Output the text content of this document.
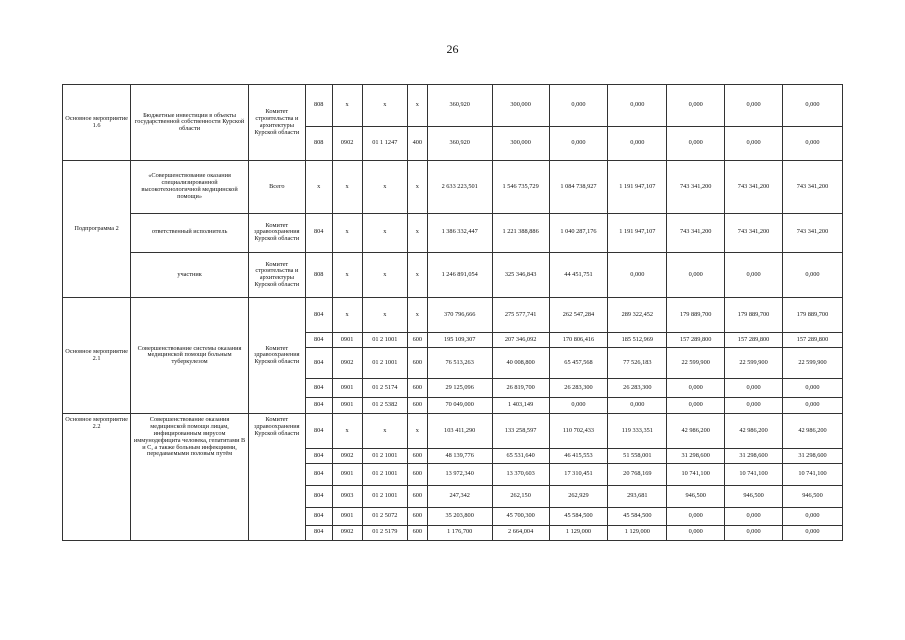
26
Основное мероприятие 1.6	Бюджетные инвестиции в объекты государственной собственности Курской области	Комитет строительства и архитектуры Курской области	808	x	x	x	360,920	300,000	0,000	0,000	0,000	0,000	0,000
			808	0902	01 1 1247	400	360,920	300,000	0,000	0,000	0,000	0,000	0,000
Подпрограмма 2	«Совершенствование оказания специализированной высокотехнологичной медицинской помощи»	Всего	x	x	x	x	2 633 223,501	1 546 735,729	1 084 738,927	1 191 947,107	743 341,200	743 341,200	743 341,200
	ответственный исполнитель	Комитет здравоохранения Курской области	804	x	x	x	1 386 332,447	1 221 388,886	1 040 287,176	1 191 947,107	743 341,200	743 341,200	743 341,200
	участник	Комитет строительства и архитектуры Курской области	808	x	x	x	1 246 891,054	325 346,843	44 451,751	0,000	0,000	0,000	0,000
Основное мероприятие 2.1	Совершенствование системы оказания медицинской помощи больным туберкулезом	Комитет здравоохранения Курской области	804	x	x	x	370 796,666	275 577,741	262 547,284	289 322,452	179 889,700	179 889,700	179 889,700
			804	0901	01 2 1001	600	195 109,307	207 346,092	170 806,416	185 512,969	157 289,800	157 289,800	157 289,800
			804	0902	01 2 1001	600	76 513,263	40 008,800	65 457,568	77 526,183	22 599,900	22 599,900	22 599,900
			804	0901	01 2 5174	600	29 125,096	26 819,700	26 283,300	26 283,300	0,000	0,000	0,000
			804	0901	01 2 5382	600	70 049,000	1 403,149	0,000	0,000	0,000	0,000	0,000
Основное мероприятие 2.2	Совершенствование оказания медицинской помощи лицам, инфицированным вирусом иммунодефицита человека, гепатитами В и С, а также больным инфекциями, передаваемыми половым путём	Комитет здравоохранения Курской области	804	x	x	x	103 411,290	133 258,597	110 702,433	119 333,351	42 986,200	42 986,200	42 986,200
			804	0902	01 2 1001	600	48 139,776	65 531,640	46 415,553	51 558,001	31 298,600	31 298,600	31 298,600
			804	0901	01 2 1001	600	13 972,340	13 370,603	17 310,451	20 768,169	10 741,100	10 741,100	10 741,100
			804	0903	01 2 1001	600	247,342	262,150	262,929	293,681	946,500	946,500	946,500
			804	0901	01 2 5072	600	35 203,800	45 700,300	45 584,500	45 584,500	0,000	0,000	0,000
			804	0902	01 2 5179	600	1 176,700	2 664,004	1 129,000	1 129,000	0,000	0,000	0,000
